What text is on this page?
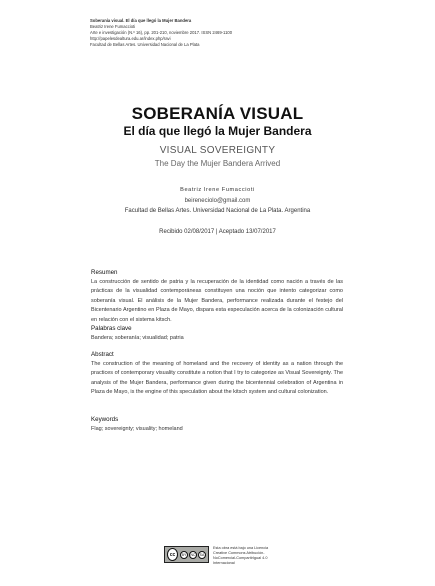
Soberanía visual. El día que llegó la Mujer Bandera
Beatriz Irene Fumaccioti
Arte e investigación (N.º 16), pp. 201-210, noviembre 2017. ISSN 2469-1100
http://papelesdealtura.edu.ar/index.php/ravi
Facultad de Bellas Artes. Universidad Nacional de La Plata
SOBERANÍA VISUAL
El día que llegó la Mujer Bandera
VISUAL SOVEREIGNTY
The Day the Mujer Bandera Arrived
Beatriz Irene Fumaccioti
beireneciolo@gmail.com
Facultad de Bellas Artes. Universidad Nacional de La Plata. Argentina
Recibido 02/08/2017 | Aceptado 13/07/2017
Resumen
La construcción de sentido de patria y la recuperación de la identidad como nación a través de las prácticas de la visualidad contemporáneas constituyen una noción que intento categorizar como soberanía visual. El análisis de la Mujer Bandera, performance realizada durante el festejo del Bicentenario Argentino en Plaza de Mayo, dispara esta especulación acerca de la colonización cultural en relación con el sistema kitsch.
Palabras clave
Bandera; soberanía; visualidad; patria
Abstract
The construction of the meaning of homeland and the recovery of identity as a nation through the practices of contemporary visuality constitute a notion that I try to categorize as Visual Sovereignty. The analysis of the Mujer Bandera, performance given during the bicentennial celebration of Argentina in Plaza de Mayo, is the engine of this speculation about the kitsch system and cultural colonization.
Keywords
Flag; sovereignty; visuality; homeland
cc	BY	NC	SA
Esta obra está bajo una Licencia
Creative Commons Atribución-
NoComercial-CompartirIgual 4.0
Internacional
